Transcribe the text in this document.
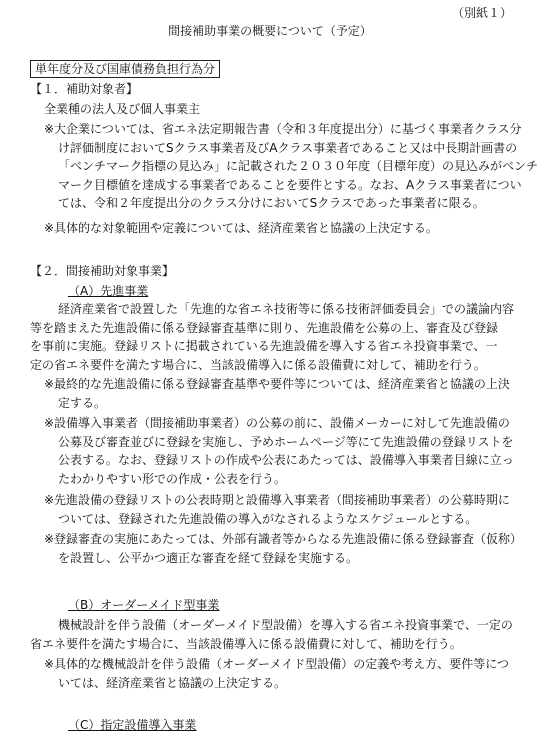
（別紙１）
間接補助事業の概要について（予定）
単年度分及び国庫債務負担行為分
【１．補助対象者】
全業種の法人及び個人事業主
※大企業については、省エネ法定期報告書（令和３年度提出分）に基づく事業者クラス分
け評価制度においてSクラス事業者及びAクラス事業者であること又は中長期計画書の
「ベンチマーク指標の見込み」に記載された２０３０年度（目標年度）の見込みがベンチ
マーク目標値を達成する事業者であることを要件とする。なお、Aクラス事業者につい
ては、令和２年度提出分のクラス分けにおいてSクラスであった事業者に限る。
※具体的な対象範囲や定義については、経済産業省と協議の上決定する。
【２．間接補助対象事業】
（A）先進事業
経済産業省で設置した「先進的な省エネ技術等に係る技術評価委員会」での議論内容
等を踏まえた先進設備に係る登録審査基準に則り、先進設備を公募の上、審査及び登録
を事前に実施。登録リストに掲載されている先進設備を導入する省エネ投資事業で、一
定の省エネ要件を満たす場合に、当該設備導入に係る設備費に対して、補助を行う。
※最終的な先進設備に係る登録審査基準や要件等については、経済産業省と協議の上決
定する。
※設備導入事業者（間接補助事業者）の公募の前に、設備メーカーに対して先進設備の
公募及び審査並びに登録を実施し、予めホームページ等にて先進設備の登録リストを
公表する。なお、登録リストの作成や公表にあたっては、設備導入事業者目線に立っ
たわかりやすい形での作成・公表を行う。
※先進設備の登録リストの公表時期と設備導入事業者（間接補助事業者）の公募時期に
ついては、登録された先進設備の導入がなされるようなスケジュールとする。
※登録審査の実施にあたっては、外部有識者等からなる先進設備に係る登録審査（仮称）
を設置し、公平かつ適正な審査を経て登録を実施する。
（B）オーダーメイド型事業
機械設計を伴う設備（オーダーメイド型設備）を導入する省エネ投資事業で、一定の
省エネ要件を満たす場合に、当該設備導入に係る設備費に対して、補助を行う。
※具体的な機械設計を伴う設備（オーダーメイド型設備）の定義や考え方、要件等につ
いては、経済産業省と協議の上決定する。
（C）指定設備導入事業
